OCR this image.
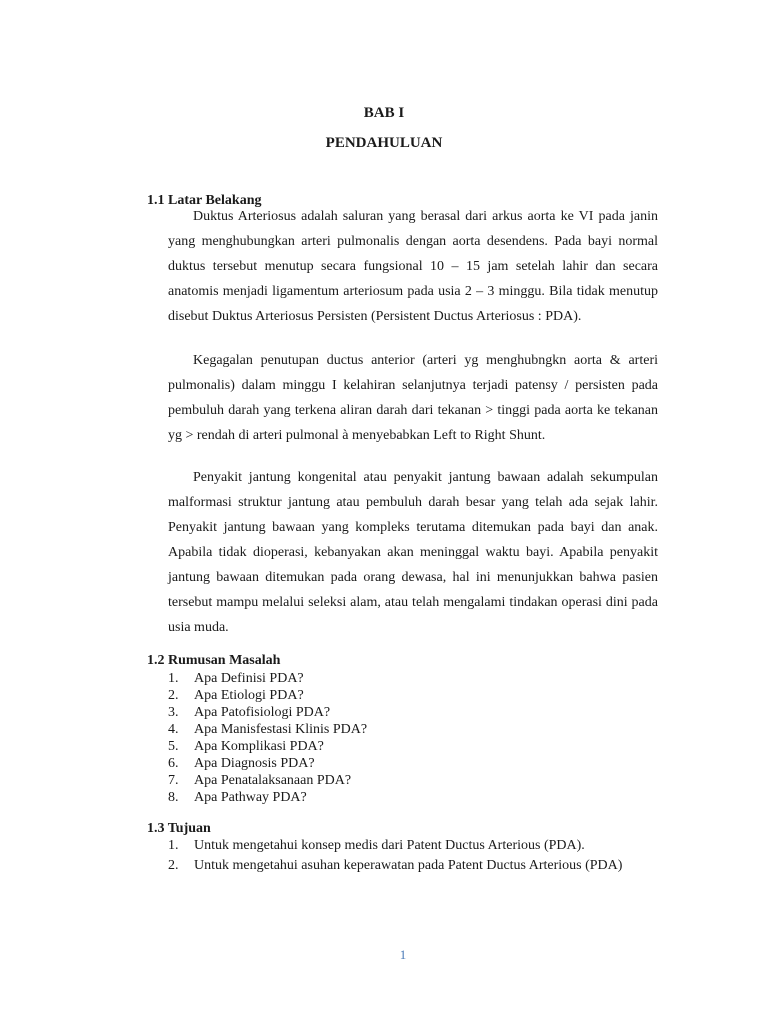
BAB I
PENDAHULUAN
1.1 Latar Belakang

Duktus Arteriosus adalah saluran yang berasal dari arkus aorta ke VI pada janin yang menghubungkan arteri pulmonalis dengan aorta desendens. Pada bayi normal duktus tersebut menutup secara fungsional 10 – 15 jam setelah lahir dan secara anatomis menjadi ligamentum arteriosum pada usia 2 – 3 minggu. Bila tidak menutup disebut Duktus Arteriosus Persisten (Persistent Ductus Arteriosus : PDA).

Kegagalan penutupan ductus anterior (arteri yg menghubngkn aorta & arteri pulmonalis) dalam minggu I kelahiran selanjutnya terjadi patensy / persisten pada pembuluh darah yang terkena aliran darah dari tekanan > tinggi pada aorta ke tekanan yg > rendah di arteri pulmonal à menyebabkan Left to Right Shunt.

Penyakit jantung kongenital atau penyakit jantung bawaan adalah sekumpulan malformasi struktur jantung atau pembuluh darah besar yang telah ada sejak lahir. Penyakit jantung bawaan yang kompleks terutama ditemukan pada bayi dan anak. Apabila tidak dioperasi, kebanyakan akan meninggal waktu bayi. Apabila penyakit jantung bawaan ditemukan pada orang dewasa, hal ini menunjukkan bahwa pasien tersebut mampu melalui seleksi alam, atau telah mengalami tindakan operasi dini pada usia muda.

1.2 Rumusan Masalah
1. Apa Definisi PDA?
2. Apa Etiologi PDA?
3. Apa Patofisiologi PDA?
4. Apa Manisfestasi Klinis PDA?
5. Apa Komplikasi PDA?
6. Apa Diagnosis PDA?
7. Apa Penatalaksanaan PDA?
8. Apa Pathway PDA?
1.3 Tujuan
1. Untuk mengetahui konsep medis dari Patent Ductus Arterious (PDA).
2. Untuk mengetahui asuhan keperawatan pada Patent Ductus Arterious (PDA)
1
